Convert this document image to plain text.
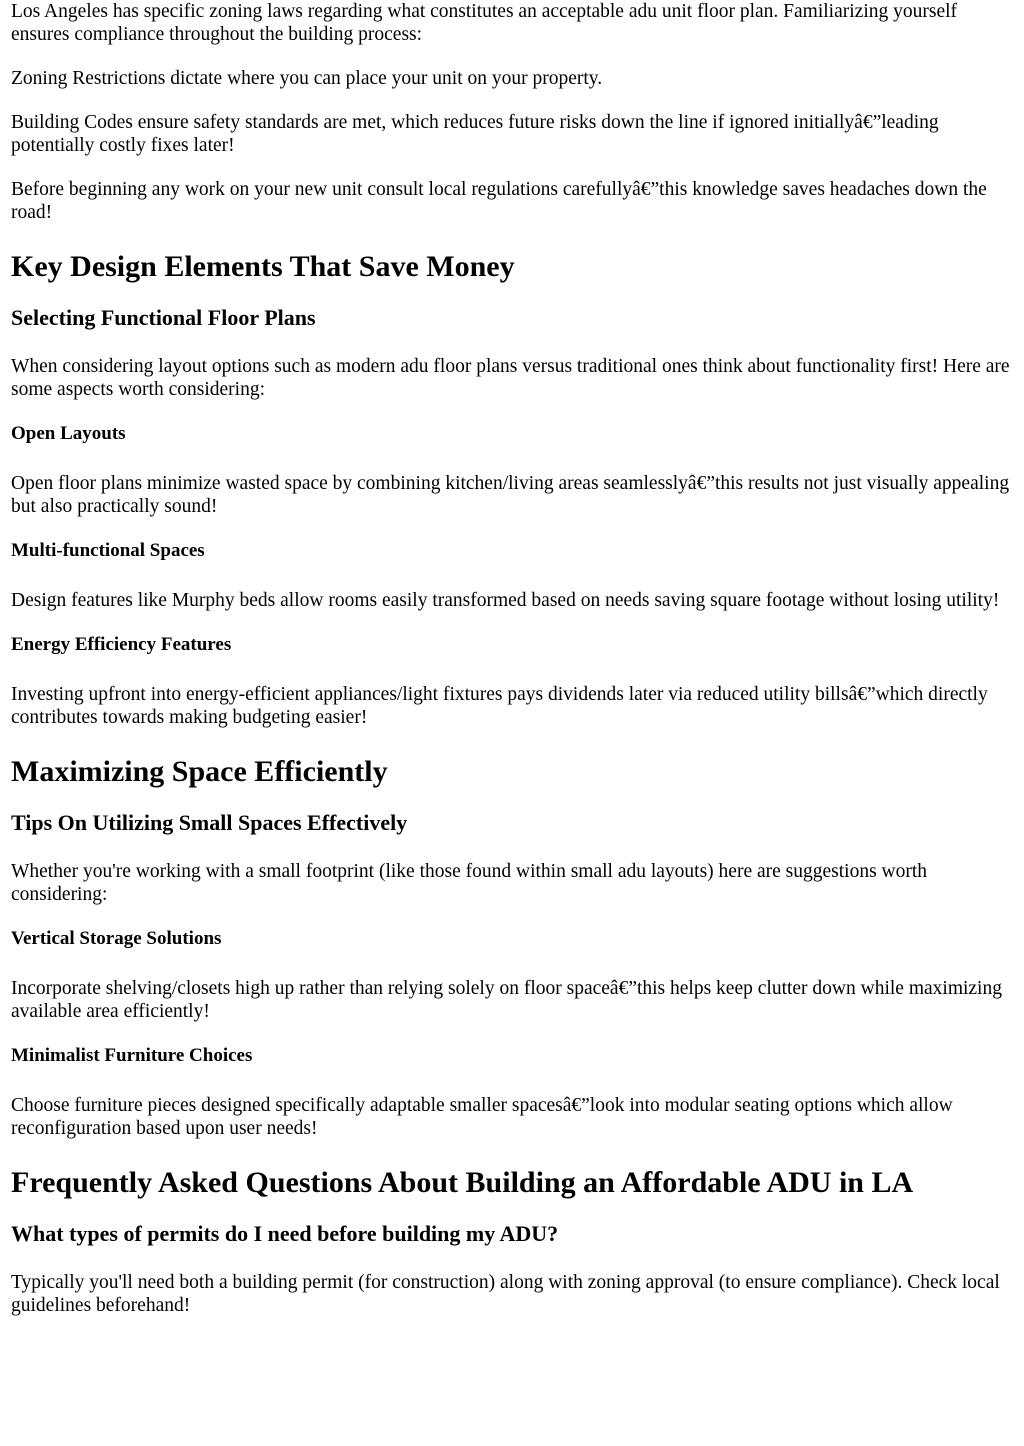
Los Angeles has specific zoning laws regarding what constitutes an acceptable adu unit floor plan. Familiarizing yourself ensures compliance throughout the building process:

Zoning Restrictions dictate where you can place your unit on your property.

Building Codes ensure safety standards are met, which reduces future risks down the line if ignored initiallyâ€”leading potentially costly fixes later!

Before beginning any work on your new unit consult local regulations carefullyâ€”this knowledge saves headaches down the road!

Key Design Elements That Save Money
Selecting Functional Floor Plans

When considering layout options such as modern adu floor plans versus traditional ones think about functionality first! Here are some aspects worth considering:

Open Layouts

Open floor plans minimize wasted space by combining kitchen/living areas seamlesslyâ€”this results not just visually appealing but also practically sound!

Multi-functional Spaces

Design features like Murphy beds allow rooms easily transformed based on needs saving square footage without losing utility!

Energy Efficiency Features

Investing upfront into energy-efficient appliances/light fixtures pays dividends later via reduced utility billsâ€”which directly contributes towards making budgeting easier!

Maximizing Space Efficiently
Tips On Utilizing Small Spaces Effectively

Whether you're working with a small footprint (like those found within small adu layouts) here are suggestions worth considering:

Vertical Storage Solutions

Incorporate shelving/closets high up rather than relying solely on floor spaceâ€”this helps keep clutter down while maximizing available area efficiently!

Minimalist Furniture Choices

Choose furniture pieces designed specifically adaptable smaller spacesâ€”look into modular seating options which allow reconfiguration based upon user needs!

Frequently Asked Questions About Building an Affordable ADU in LA
What types of permits do I need before building my ADU?

Typically you'll need both a building permit (for construction) along with zoning approval (to ensure compliance). Check local guidelines beforehand!
